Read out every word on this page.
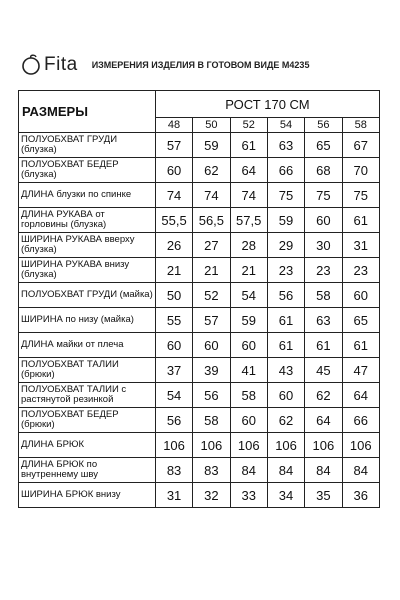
Fita ИЗМЕРЕНИЯ ИЗДЕЛИЯ В ГОТОВОМ ВИДЕ М4235
РАЗМЕРЫ	РОСТ 170 СМ					
	48	50	52	54	56	58
ПОЛУОБХВАТ ГРУДИ (блузка)	57	59	61	63	65	67
ПОЛУОБХВАТ БЕДЕР (блузка)	60	62	64	66	68	70
ДЛИНА блузки по спинке	74	74	74	75	75	75
ДЛИНА РУКАВА от горловины (блузка)	55,5	56,5	57,5	59	60	61
ШИРИНА РУКАВА вверху (блузка)	26	27	28	29	30	31
ШИРИНА РУКАВА внизу (блузка)	21	21	21	23	23	23
ПОЛУОБХВАТ ГРУДИ (майка)	50	52	54	56	58	60
ШИРИНА по низу (майка)	55	57	59	61	63	65
ДЛИНА майки от плеча	60	60	60	61	61	61
ПОЛУОБХВАТ ТАЛИИ (брюки)	37	39	41	43	45	47
ПОЛУОБХВАТ ТАЛИИ с растянутой резинкой	54	56	58	60	62	64
ПОЛУОБХВАТ БЕДЕР (брюки)	56	58	60	62	64	66
ДЛИНА БРЮК	106	106	106	106	106	106
ДЛИНА БРЮК по внутреннему шву	83	83	84	84	84	84
ШИРИНА БРЮК внизу	31	32	33	34	35	36
